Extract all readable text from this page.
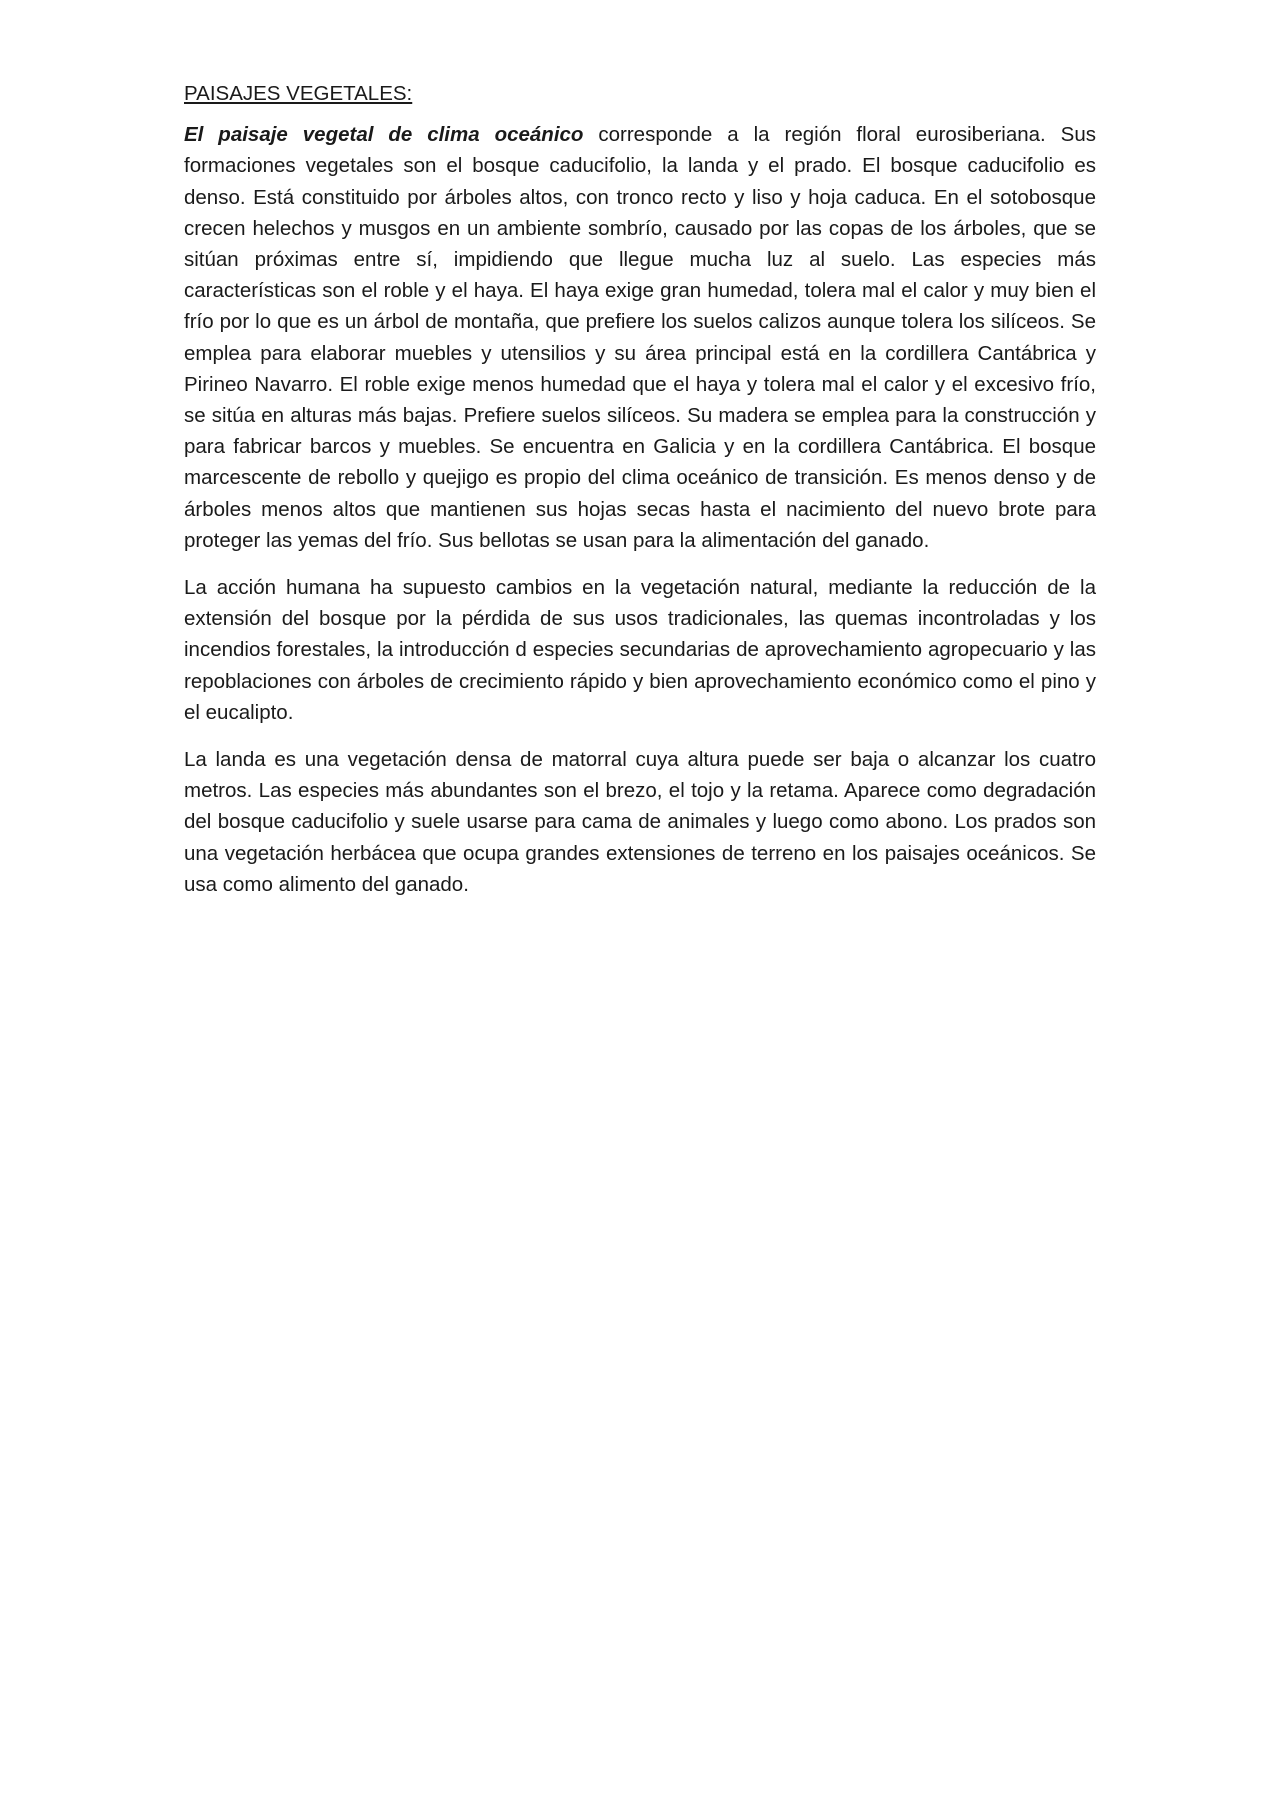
PAISAJES VEGETALES:

El paisaje vegetal de clima oceánico corresponde a la región floral eurosiberiana. Sus formaciones vegetales son el bosque caducifolio, la landa y el prado. El bosque caducifolio es denso. Está constituido por árboles altos, con tronco recto y liso y hoja caduca. En el sotobosque crecen helechos y musgos en un ambiente sombrío, causado por las copas de los árboles, que se sitúan próximas entre sí, impidiendo que llegue mucha luz al suelo. Las especies más características son el roble y el haya. El haya exige gran humedad, tolera mal el calor y muy bien el frío por lo que es un árbol de montaña, que prefiere los suelos calizos aunque tolera los silíceos. Se emplea para elaborar muebles y utensilios y su área principal está en la cordillera Cantábrica y Pirineo Navarro. El roble exige menos humedad que el haya y tolera mal el calor y el excesivo frío, se sitúa en alturas más bajas. Prefiere suelos silíceos. Su madera se emplea para la construcción y para fabricar barcos y muebles. Se encuentra en Galicia y en la cordillera Cantábrica. El bosque marcescente de rebollo y quejigo es propio del clima oceánico de transición. Es menos denso y de árboles menos altos que mantienen sus hojas secas hasta el nacimiento del nuevo brote para proteger las yemas del frío. Sus bellotas se usan para la alimentación del ganado.

La acción humana ha supuesto cambios en la vegetación natural, mediante la reducción de la extensión del bosque por la pérdida de sus usos tradicionales, las quemas incontroladas y los incendios forestales, la introducción d especies secundarias de aprovechamiento agropecuario y las repoblaciones con árboles de crecimiento rápido y bien aprovechamiento económico como el pino y el eucalipto.

La landa es una vegetación densa de matorral cuya altura puede ser baja o alcanzar los cuatro metros. Las especies más abundantes son el brezo, el tojo y la retama. Aparece como degradación del bosque caducifolio y suele usarse para cama de animales y luego como abono. Los prados son una vegetación herbácea que ocupa grandes extensiones de terreno en los paisajes oceánicos. Se usa como alimento del ganado.
